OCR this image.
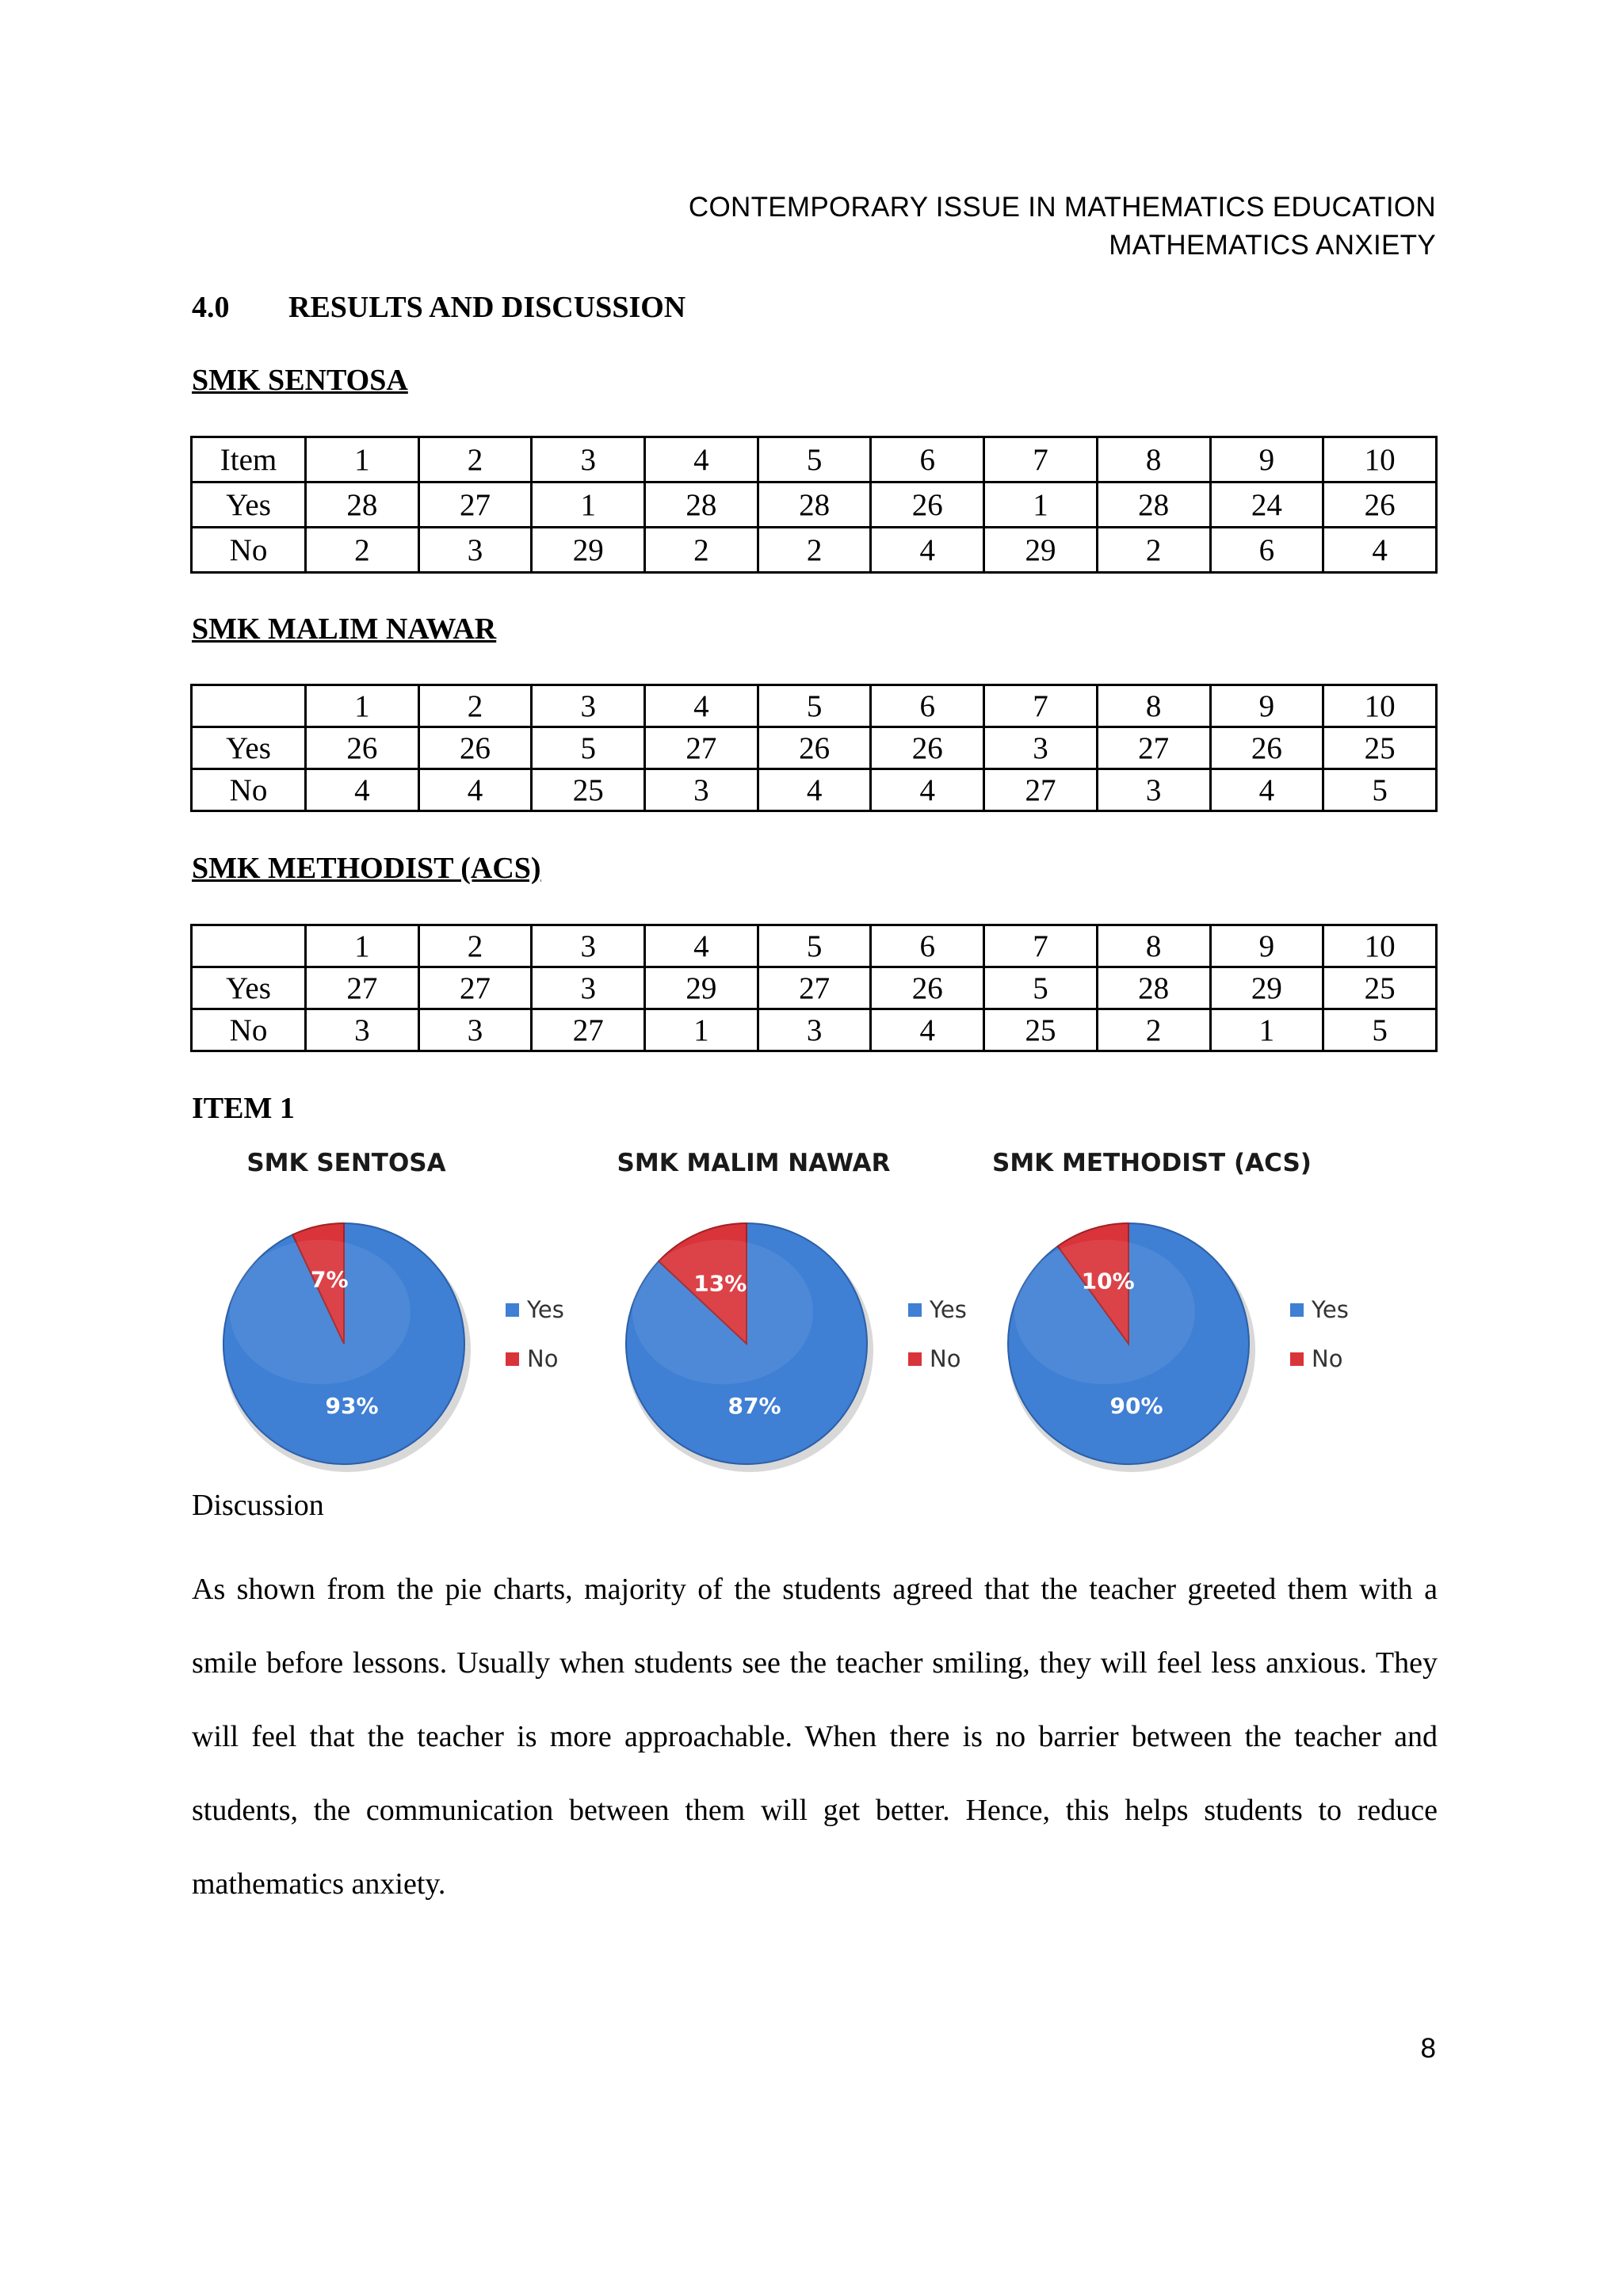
CONTEMPORARY ISSUE IN MATHEMATICS EDUCATION
MATHEMATICS ANXIETY
4.0 RESULTS AND DISCUSSION
SMK SENTOSA
Item	1	2	3	4	5	6	7	8	9	10
Yes	28	27	1	28	28	26	1	28	24	26
No	2	3	29	2	2	4	29	2	6	4
SMK MALIM NAWAR
	1	2	3	4	5	6	7	8	9	10
Yes	26	26	5	27	26	26	3	27	26	25
No	4	4	25	3	4	4	27	3	4	5
SMK METHODIST (ACS)
	1	2	3	4	5	6	7	8	9	10
Yes	27	27	3	29	27	26	5	28	29	25
No	3	3	27	1	3	4	25	2	1	5
ITEM 1
7%
93%
SMK SENTOSA
Yes
No
13%
87%
SMK MALIM NAWAR
Yes
No
10%
90%
SMK METHODIST (ACS)
Yes
No
Discussion
As shown from the pie charts, majority of the students agreed that the teacher greeted them with a smile before lessons. Usually when students see the teacher smiling, they will feel less anxious. They will feel that the teacher is more approachable. When there is no barrier between the teacher and students, the communication between them will get better. Hence, this helps students to reduce mathematics anxiety.
8
